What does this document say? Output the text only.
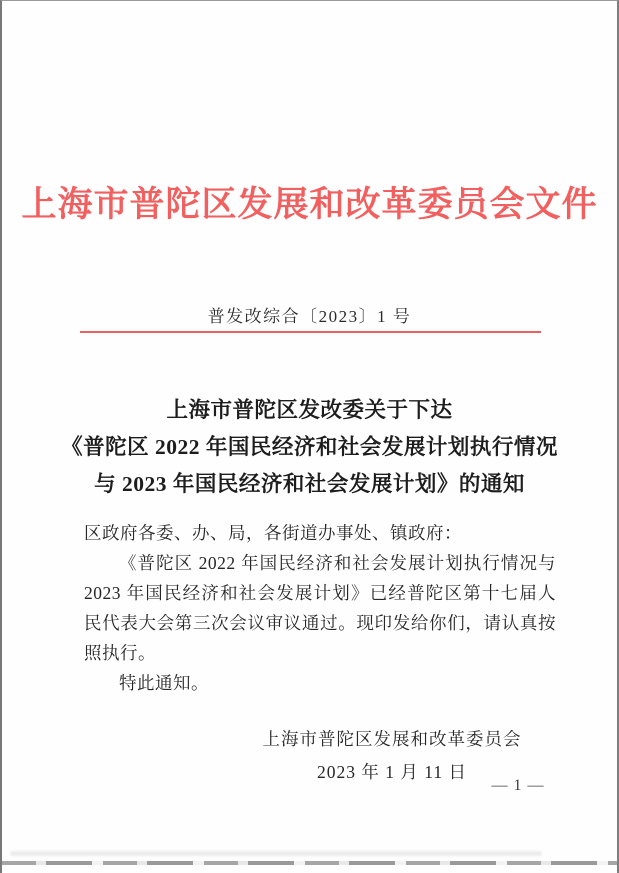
上海市普陀区发展和改革委员会文件
普发改综合〔2023〕1 号
上海市普陀区发改委关于下达
《普陀区 2022 年国民经济和社会发展计划执行情况
与 2023 年国民经济和社会发展计划》的通知

区政府各委、办、局，各街道办事处、镇政府：

《普陀区 2022 年国民经济和社会发展计划执行情况与 2023 年国民经济和社会发展计划》已经普陀区第十七届人民代表大会第三次会议审议通过。现印发给你们，请认真按照执行。

特此通知。

上海市普陀区发展和改革委员会
2023 年 1 月 11 日
— 1 —
